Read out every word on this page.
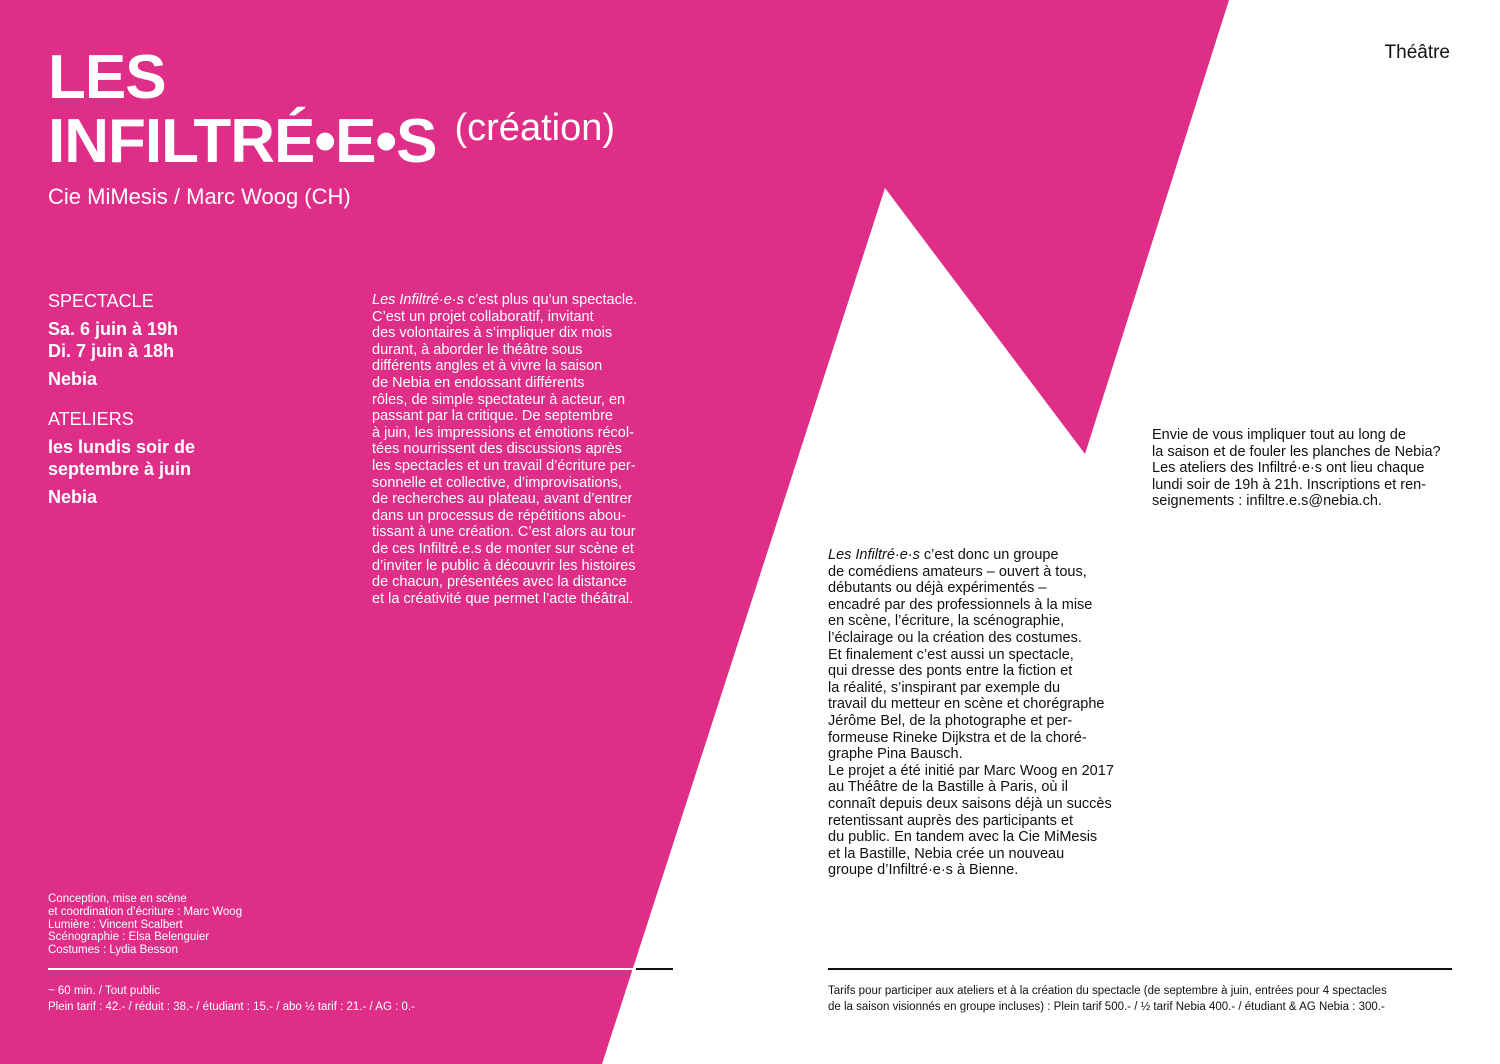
Théâtre
LES
INFILTRÉ•E•S $^{(création)}$
Cie MiMesis / Marc Woog (CH)
SPECTACLE
Sa. 6 juin à 19h
Di. 7 juin à 18h
Nebia
ATELIERS
les lundis soir de
septembre à juin
Nebia

Les Infiltré·e·s c’est plus qu’un spectacle.

C’est un projet collaboratif, invitant

des volontaires à s’impliquer dix mois

durant, à aborder le théâtre sous

différents angles et à vivre la saison

de Nebia en endossant différents

rôles, de simple spectateur à acteur, en

passant par la critique. De septembre

à juin, les impressions et émotions récol-

tées nourrissent des discussions après

les spectacles et un travail d’écriture per-

sonnelle et collective, d’improvisations,

de recherches au plateau, avant d’entrer

dans un processus de répétitions abou-

tissant à une création. C’est alors au tour

de ces Infiltré.e.s de monter sur scène et

d’inviter le public à découvrir les histoires

de chacun, présentées avec la distance

et la créativité que permet l’acte théâtral.

Les Infiltré·e·s c’est donc un groupe

de comédiens amateurs – ouvert à tous,

débutants ou déjà expérimentés –

encadré par des professionnels à la mise

en scène, l’écriture, la scénographie,

l’éclairage ou la création des costumes.

Et finalement c’est aussi un spectacle,

qui dresse des ponts entre la fiction et

la réalité, s’inspirant par exemple du

travail du metteur en scène et chorégraphe

Jérôme Bel, de la photographe et per-

formeuse Rineke Dijkstra et de la choré-

graphe Pina Bausch.

Le projet a été initié par Marc Woog en 2017

au Théâtre de la Bastille à Paris, où il

connaît depuis deux saisons déjà un succès

retentissant auprès des participants et

du public. En tandem avec la Cie MiMesis

et la Bastille, Nebia crée un nouveau

groupe d’Infiltré·e·s à Bienne.

Envie de vous impliquer tout au long de

la saison et de fouler les planches de Nebia?

Les ateliers des Infiltré·e·s ont lieu chaque

lundi soir de 19h à 21h. Inscriptions et ren-

seignements : infiltre.e.s@nebia.ch.

Conception, mise en scène
et coordination d’écriture : Marc Woog
Lumière : Vincent Scalbert
Scénographie : Elsa Belenguier
Costumes : Lydia Besson
~ 60 min. / Tout public
Plein tarif : 42.- / réduit : 38.- / étudiant : 15.- / abo ½ tarif : 21.- / AG : 0.-
Tarifs pour participer aux ateliers et à la création du spectacle (de septembre à juin, entrées pour 4 spectacles
de la saison visionnés en groupe incluses) : Plein tarif 500.- / ½ tarif Nebia 400.- / étudiant & AG Nebia : 300.-
